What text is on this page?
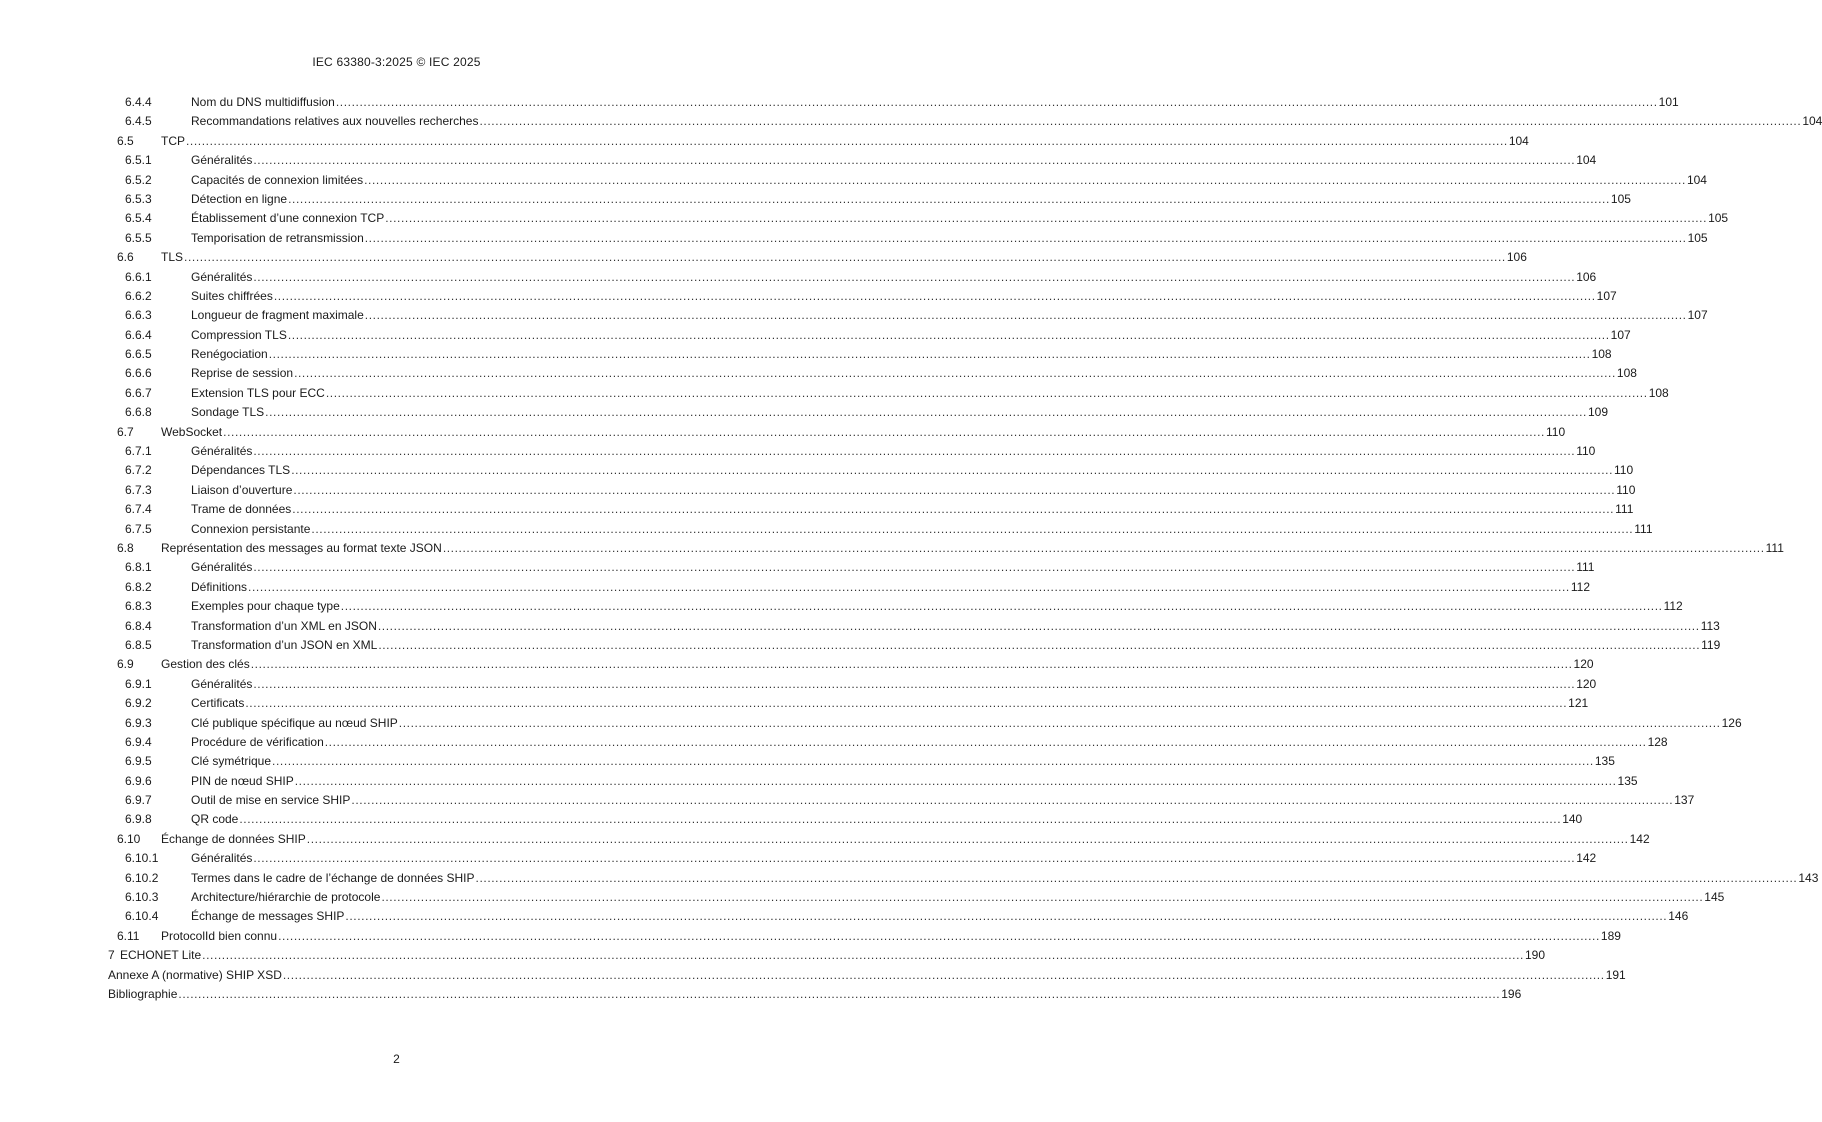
IEC 63380-3:2025 © IEC 2025
6.4.4	Nom du DNS multidiffusion .....	101
6.4.5	Recommandations relatives aux nouvelles recherches .....	104
6.5	TCP .....	104
6.5.1	Généralités .....	104
6.5.2	Capacités de connexion limitées .....	104
6.5.3	Détection en ligne .....	105
6.5.4	Établissement d’une connexion TCP .....	105
6.5.5	Temporisation de retransmission .....	105
6.6	TLS .....	106
6.6.1	Généralités .....	106
6.6.2	Suites chiffrées .....	107
6.6.3	Longueur de fragment maximale .....	107
6.6.4	Compression TLS .....	107
6.6.5	Renégociation .....	108
6.6.6	Reprise de session .....	108
6.6.7	Extension TLS pour ECC .....	108
6.6.8	Sondage TLS .....	109
6.7	WebSocket .....	110
6.7.1	Généralités .....	110
6.7.2	Dépendances TLS .....	110
6.7.3	Liaison d’ouverture .....	110
6.7.4	Trame de données .....	111
6.7.5	Connexion persistante .....	111
6.8	Représentation des messages au format texte JSON .....	111
6.8.1	Généralités .....	111
6.8.2	Définitions .....	112
6.8.3	Exemples pour chaque type .....	112
6.8.4	Transformation d’un XML en JSON .....	113
6.8.5	Transformation d’un JSON en XML .....	119
6.9	Gestion des clés .....	120
6.9.1	Généralités .....	120
6.9.2	Certificats .....	121
6.9.3	Clé publique spécifique au nœud SHIP .....	126
6.9.4	Procédure de vérification .....	128
6.9.5	Clé symétrique .....	135
6.9.6	PIN de nœud SHIP .....	135
6.9.7	Outil de mise en service SHIP .....	137
6.9.8	QR code .....	140
6.10	Échange de données SHIP .....	142
6.10.1	Généralités .....	142
6.10.2	Termes dans le cadre de l’échange de données SHIP .....	143
6.10.3	Architecture/hiérarchie de protocole .....	145
6.10.4	Échange de messages SHIP .....	146
6.11	ProtocolId bien connu .....	189
7 ECHONET Lite .....	190
Annexe A (normative) SHIP XSD .....	191
Bibliographie .....	196
2
